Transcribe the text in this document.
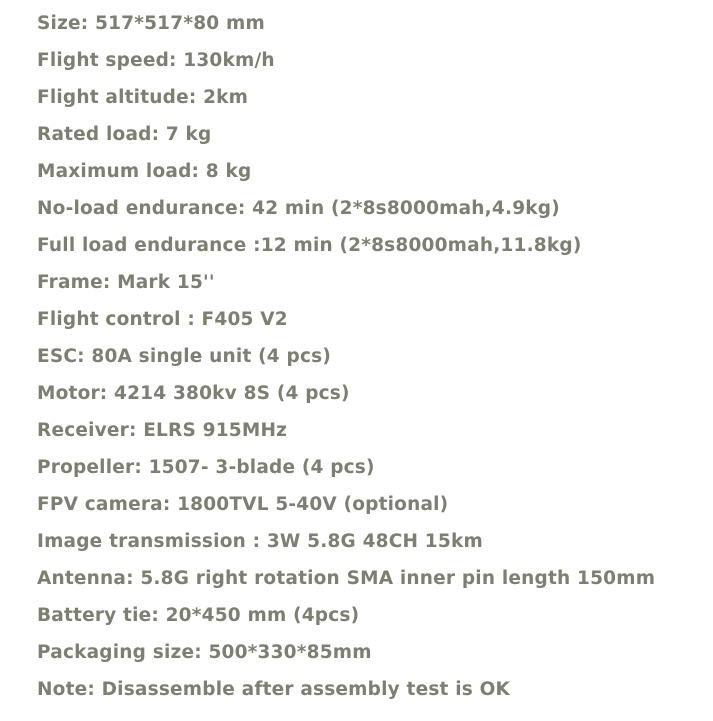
Size: 517*517*80 mm
Flight speed: 130km/h
Flight altitude: 2km
Rated load: 7 kg
Maximum load: 8 kg
No-load endurance: 42 min (2*8s8000mah,4.9kg)
Full load endurance :12 min (2*8s8000mah,11.8kg)
Frame: Mark 15''
Flight control : F405 V2
ESC: 80A single unit (4 pcs)
Motor: 4214 380kv 8S (4 pcs)
Receiver: ELRS 915MHz
Propeller: 1507- 3-blade (4 pcs)
FPV camera: 1800TVL 5-40V (optional)
Image transmission : 3W 5.8G 48CH 15km
Antenna: 5.8G right rotation SMA inner pin length 150mm
Battery tie: 20*450 mm (4pcs)
Packaging size: 500*330*85mm
Note: Disassemble after assembly test is OK
